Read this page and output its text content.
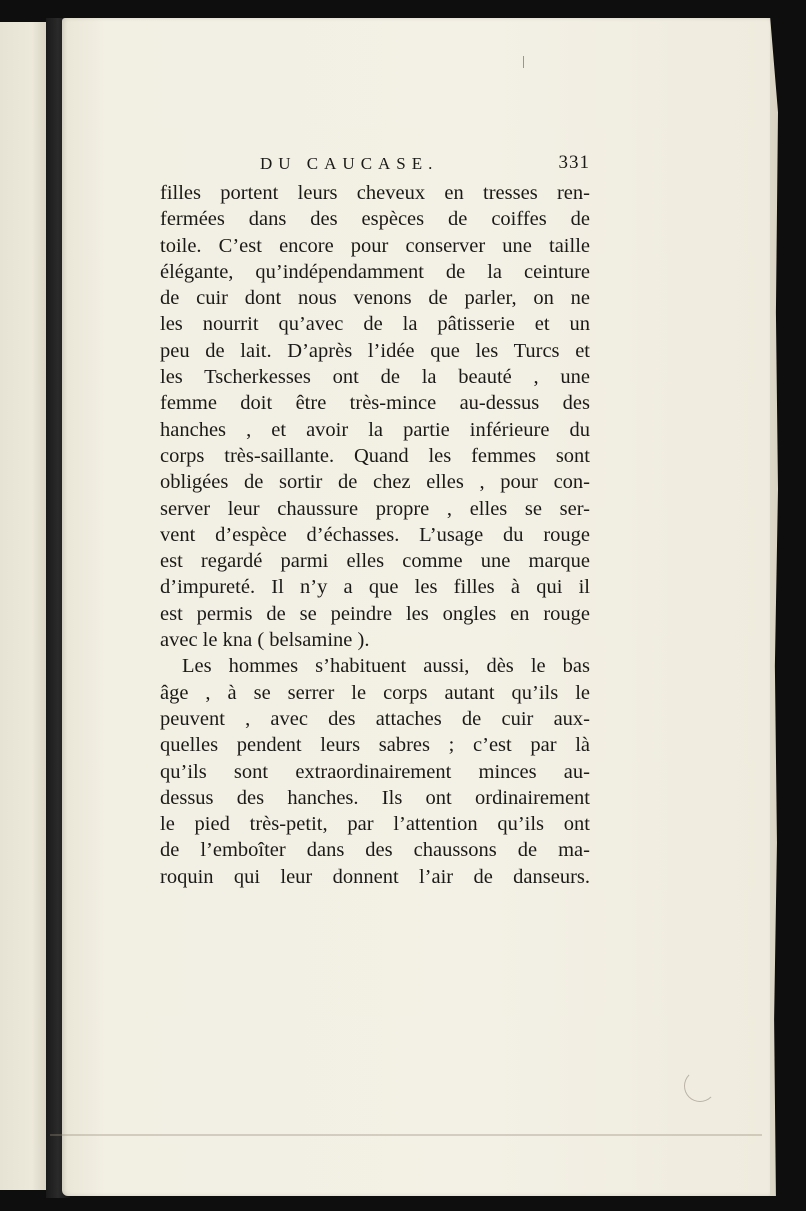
DU CAUCASE.	331
filles portent leurs cheveux en tresses ren-
fermées dans des espèces de coiffes de
toile. C’est encore pour conserver une taille
élégante, qu’indépendamment de la ceinture
de cuir dont nous venons de parler, on ne
les nourrit qu’avec de la pâtisserie et un
peu de lait. D’après l’idée que les Turcs et
les Tscherkesses ont de la beauté , une
femme doit être très-mince au-dessus des
hanches , et avoir la partie inférieure du
corps très-saillante. Quand les femmes sont
obligées de sortir de chez elles , pour con-
server leur chaussure propre , elles se ser-
vent d’espèce d’échasses. L’usage du rouge
est regardé parmi elles comme une marque
d’impureté. Il n’y a que les filles à qui il
est permis de se peindre les ongles en rouge
avec le kna ( belsamine ).
Les hommes s’habituent aussi, dès le bas
âge , à se serrer le corps autant qu’ils le
peuvent , avec des attaches de cuir aux-
quelles pendent leurs sabres ; c’est par là
qu’ils sont extraordinairement minces au-
dessus des hanches. Ils ont ordinairement
le pied très-petit, par l’attention qu’ils ont
de l’emboîter dans des chaussons de ma-
roquin qui leur donnent l’air de danseurs.
